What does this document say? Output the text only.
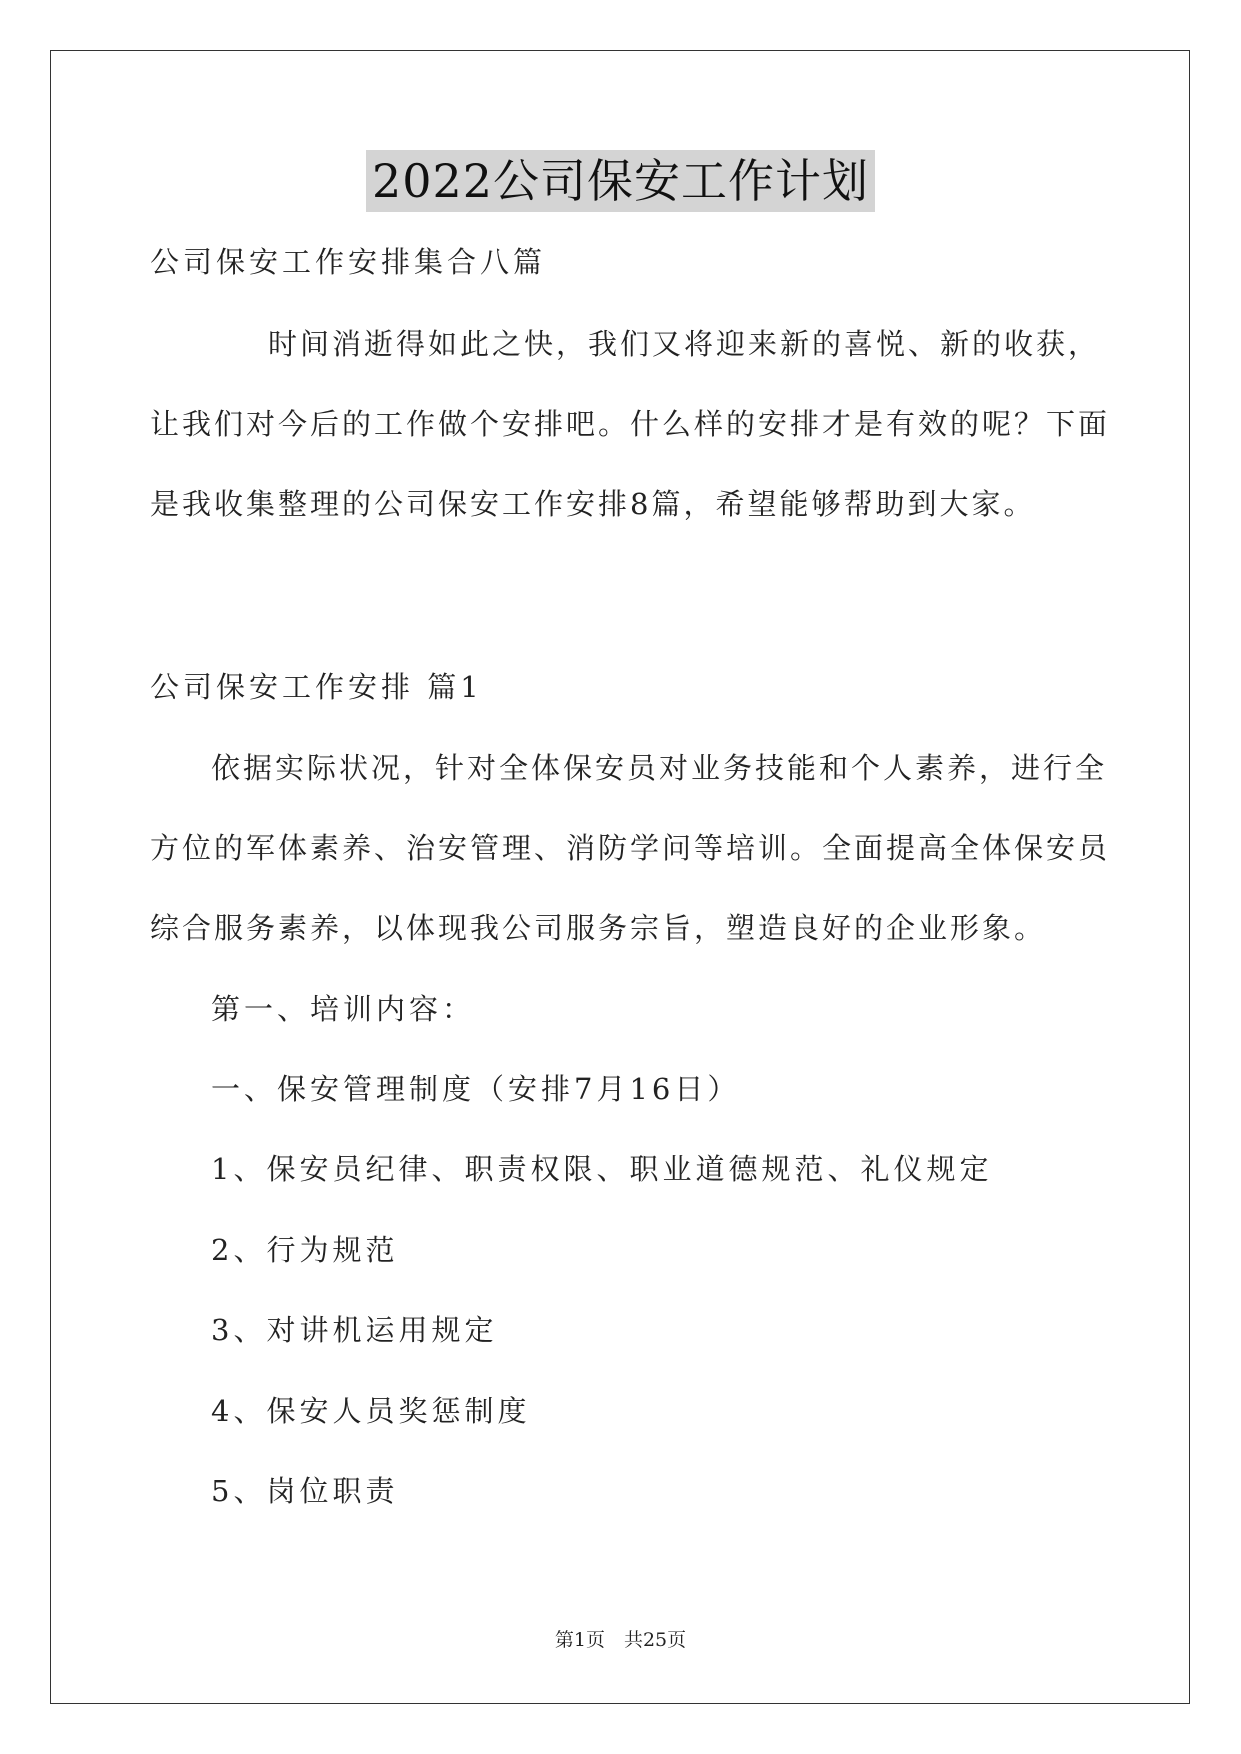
2022公司保安工作计划
公司保安工作安排集合八篇
时间消逝得如此之快，我们又将迎来新的喜悦、新的收获，
让我们对今后的工作做个安排吧。什么样的安排才是有效的呢？下面
是我收集整理的公司保安工作安排8篇，希望能够帮助到大家。
公司保安工作安排 篇1
依据实际状况，针对全体保安员对业务技能和个人素养，进行全
方位的军体素养、治安管理、消防学问等培训。全面提高全体保安员
综合服务素养，以体现我公司服务宗旨，塑造良好的企业形象。
第一、培训内容：
一、保安管理制度（安排7月16日）
1、保安员纪律、职责权限、职业道德规范、礼仪规定
2、行为规范
3、对讲机运用规定
4、保安人员奖惩制度
5、岗位职责
第1页　共25页
